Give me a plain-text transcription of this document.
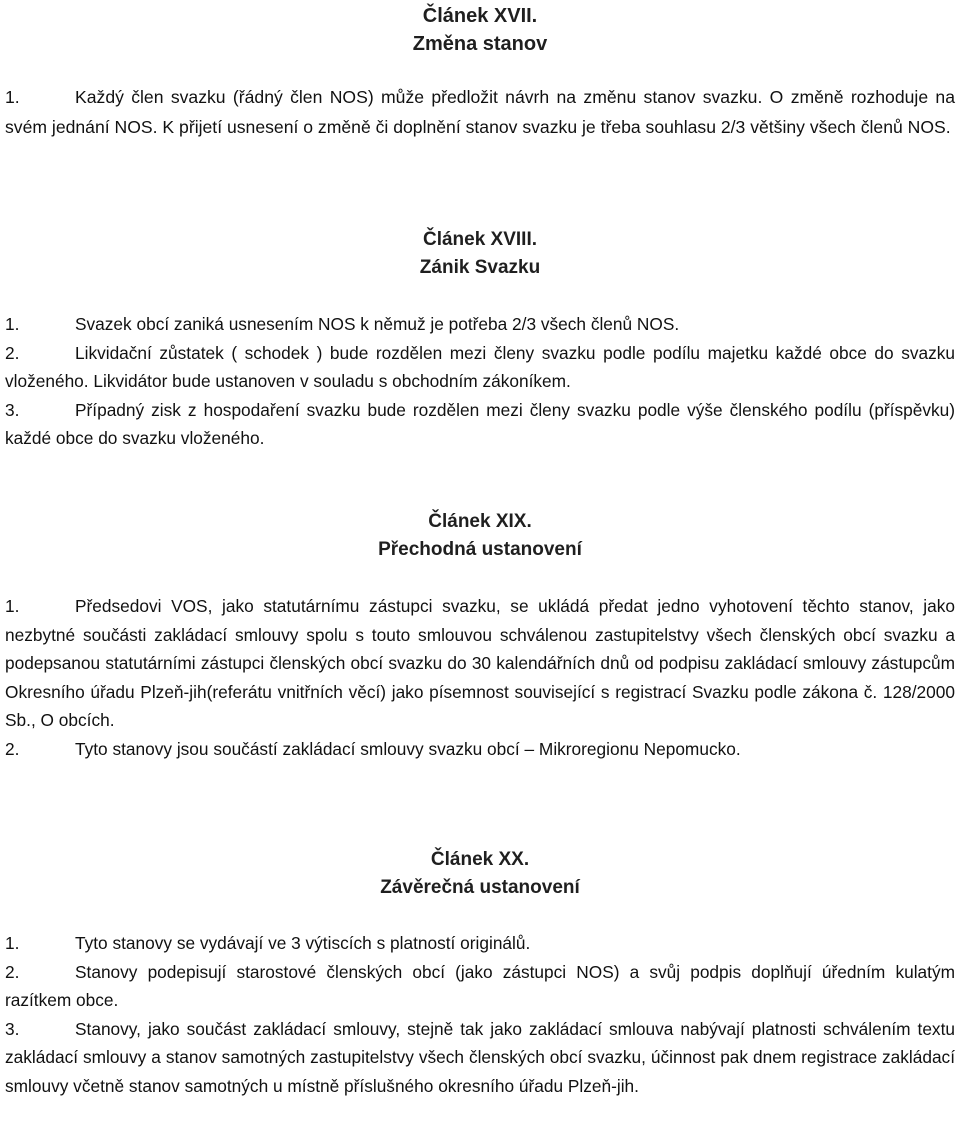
Článek XVII.
Změna stanov

1.	Každý člen svazku (řádný člen NOS) může předložit návrh na změnu stanov svazku. O změně rozhoduje na svém jednání NOS. K přijetí usnesení o změně či doplnění stanov svazku je třeba souhlasu 2/3 většiny všech členů NOS.

Článek XVIII.
Zánik Svazku

1.	Svazek obcí zaniká usnesením NOS k němuž je potřeba 2/3 všech členů NOS.

2.	Likvidační zůstatek ( schodek ) bude rozdělen mezi členy svazku podle podílu majetku každé obce do svazku vloženého. Likvidátor bude ustanoven v souladu s obchodním zákoníkem.

3.	Případný zisk z hospodaření svazku bude rozdělen mezi členy svazku podle výše členského podílu (příspěvku) každé obce do svazku vloženého.

Článek XIX.
Přechodná ustanovení

1.	Předsedovi VOS, jako statutárnímu zástupci svazku, se ukládá předat jedno vyhotovení těchto stanov, jako nezbytné součásti zakládací smlouvy spolu s touto smlouvou schválenou zastupitelstvy všech členských obcí svazku a podepsanou statutárními zástupci členských obcí svazku do 30 kalendářních dnů od podpisu zakládací smlouvy zástupcům Okresního úřadu Plzeň-jih(referátu vnitřních věcí) jako písemnost související s registrací Svazku podle zákona č. 128/2000 Sb., O obcích.

2.	Tyto stanovy jsou součástí zakládací smlouvy svazku obcí – Mikroregionu Nepomucko.

Článek XX.
Závěrečná ustanovení

1.	Tyto stanovy se vydávají ve 3 výtiscích s platností originálů.

2.	Stanovy podepisují starostové členských obcí (jako zástupci NOS) a svůj podpis doplňují úředním kulatým razítkem obce.

3.	Stanovy, jako součást zakládací smlouvy, stejně tak jako zakládací smlouva nabývají platnosti schválením textu zakládací smlouvy a stanov samotných zastupitelstvy všech členských obcí svazku, účinnost pak dnem registrace zakládací smlouvy včetně stanov samotných u místně příslušného okresního úřadu Plzeň-jih.
